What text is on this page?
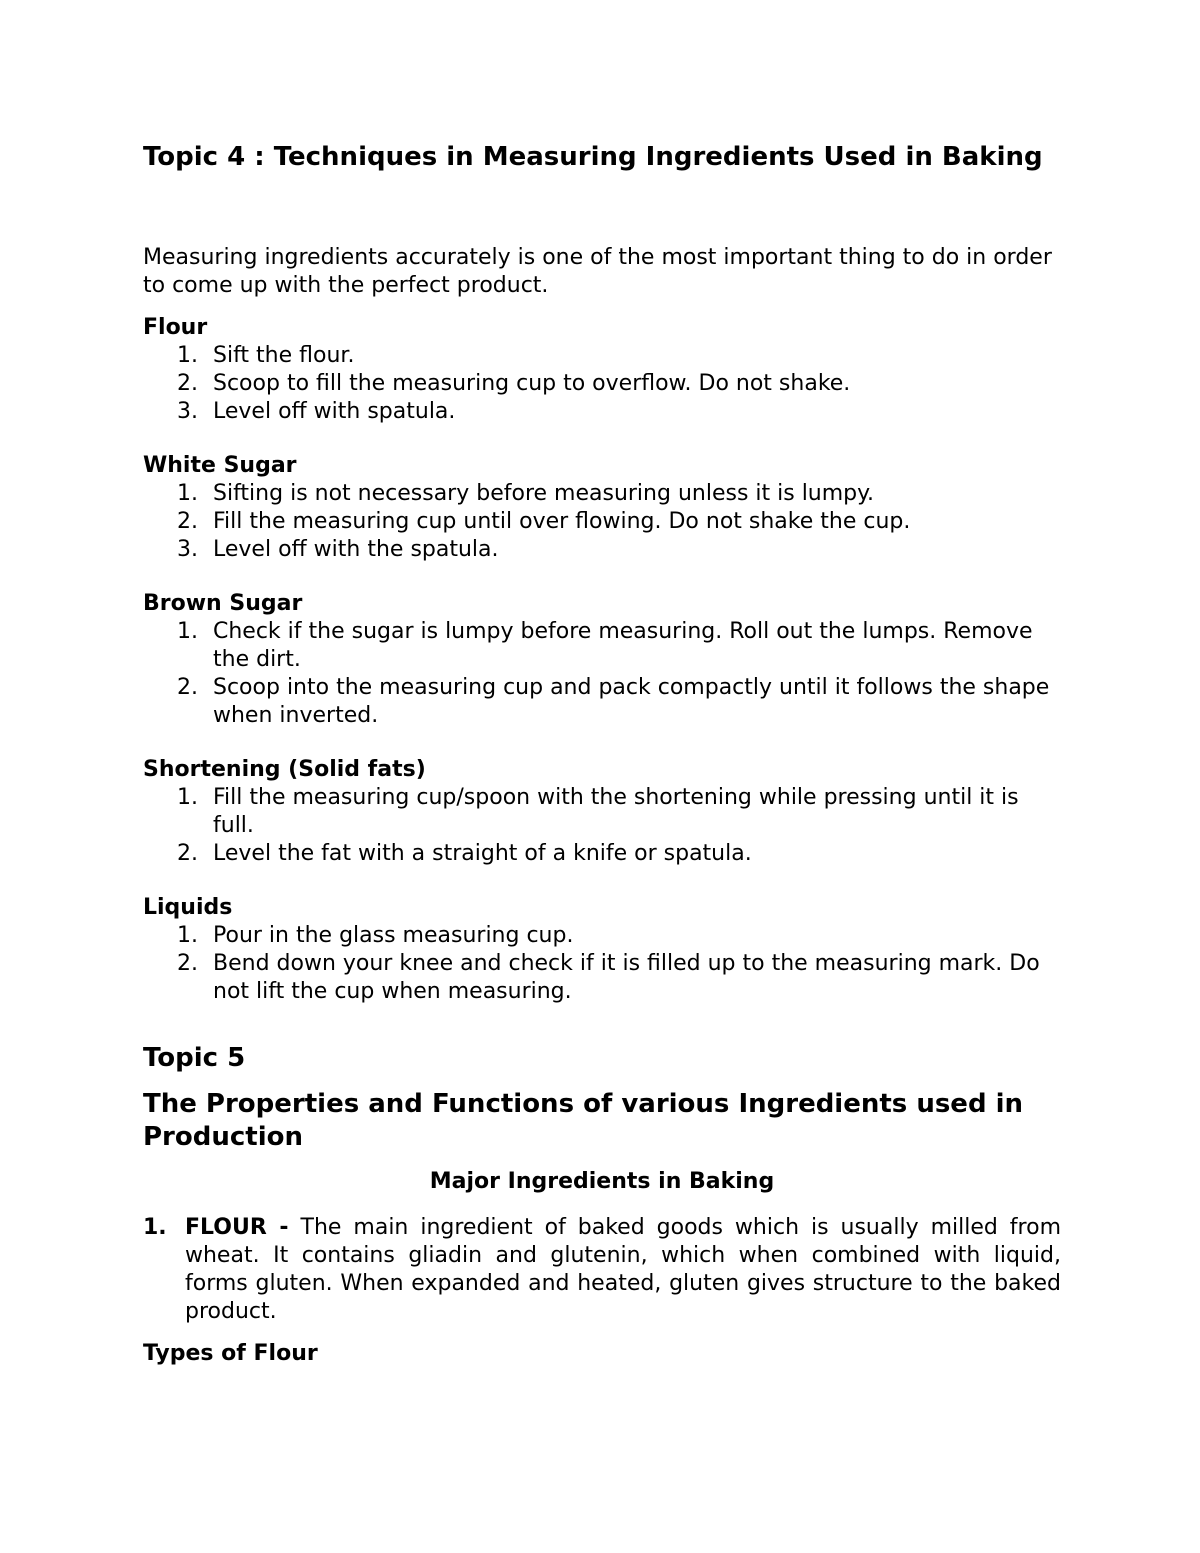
Topic 4 : Techniques in Measuring Ingredients Used in Baking

Measuring ingredients accurately is one of the most important thing to do in order to come up with the perfect product.

Flour
1. Sift the flour.
2. Scoop to fill the measuring cup to overflow. Do not shake.
3. Level off with spatula.
White Sugar
1. Sifting is not necessary before measuring unless it is lumpy.
2. Fill the measuring cup until over flowing. Do not shake the cup.
3. Level off with the spatula.
Brown Sugar
1. Check if the sugar is lumpy before measuring. Roll out the lumps. Remove the dirt.
2. Scoop into the measuring cup and pack compactly until it follows the shape when inverted.
Shortening (Solid fats)
1. Fill the measuring cup/spoon with the shortening while pressing until it is full.
2. Level the fat with a straight of a knife or spatula.
Liquids
1. Pour in the glass measuring cup.
2. Bend down your knee and check if it is filled up to the measuring mark. Do not lift the cup when measuring.
Topic 5
The Properties and Functions of various Ingredients used in Production
Major Ingredients in Baking
1. FLOUR - The main ingredient of baked goods which is usually milled from wheat. It contains gliadin and glutenin, which when combined with liquid, forms gluten. When expanded and heated, gluten gives structure to the baked product.
Types of Flour
